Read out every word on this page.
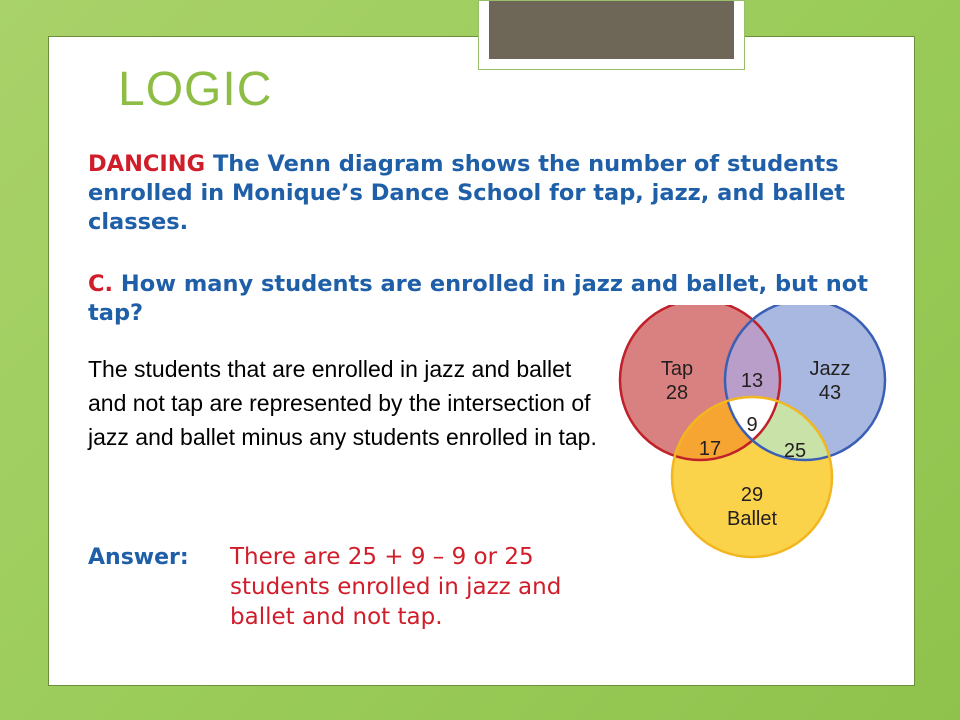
LOGIC
DANCING The Venn diagram shows the number of students enrolled in Monique’s Dance School for tap, jazz, and ballet classes.
C. How many students are enrolled in jazz and ballet, but not tap?
The students that are enrolled in jazz and ballet and not tap are represented by the intersection of jazz and ballet minus any students enrolled in tap.
Answer: There are 25 + 9 – 9 or 25 students enrolled in jazz and ballet and not tap.
Tap
28
Jazz
43
29
Ballet
13
17	25
9
